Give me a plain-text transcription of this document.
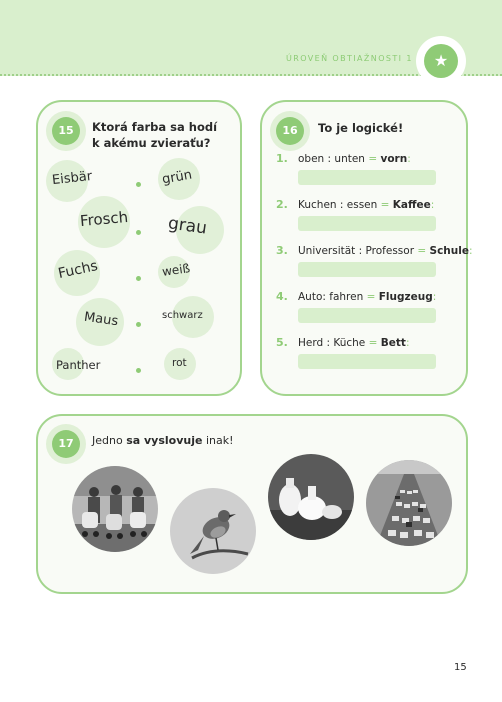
ÚROVEŇ OBTIAŽNOSTI 1	★
15	Ktorá farba sa hodí
k akému zvieraťu?
Eisbär
Frosch
Fuchs
Maus
Panther
grün
grau
weiß
schwarz
rot
16	To je logické!
1. oben : unten = vorn:
2. Kuchen : essen = Kaffee:
3. Universität : Professor = Schule:
4. Auto: fahren = Flugzeug:
5. Herd : Küche = Bett:
17	Jedno sa vyslovuje inak!
15
